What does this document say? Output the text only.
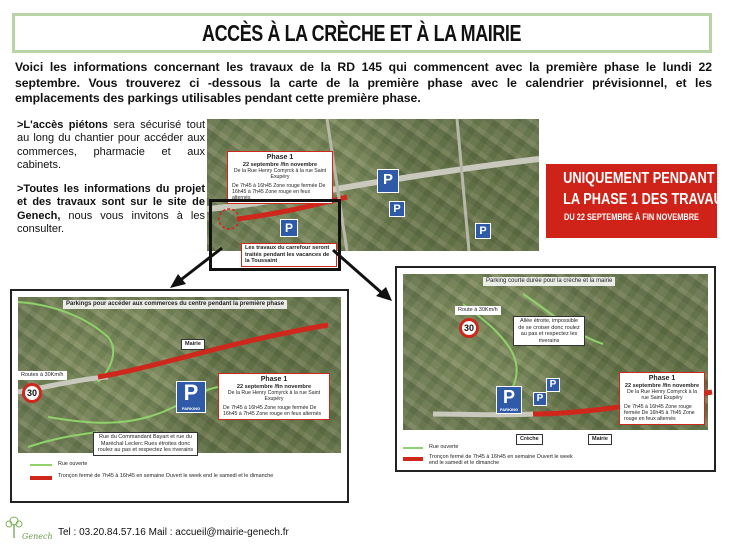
ACCÈS À LA CRÈCHE ET À LA MAIRIE

Voici les informations concernant les travaux de la RD 145 qui commencent avec la première phase le lundi 22 septembre. Vous trouverez ci -dessous la carte de la première phase avec le calendrier prévisionnel, et les emplacements des parkings utilisables pendant cette première phase.

>L'accès piétons sera sécurisé tout au long du chantier pour accéder aux commerces, pharmacie et aux cabinets.

>Toutes les informations du projet et des travaux sont sur le site de Genech, nous vous invitons à les consulter.

Phase 1
22 septembre /fin novembre
De la Rue Henry Comyrck à la rue Saint Exupéry
De 7h45 à 16h45 Zone rouge fermée De 16h45 à 7h45 Zone rouge en feux alternés
P
P
P	P
Les travaux du carrefour seront traités pendant les vacances de la Toussaint
UNIQUEMENT PENDANT
LA PHASE 1 DES TRAVAUX
DU 22 SEPTEMBRE À FIN NOVEMBRE
Parkings pour accéder aux commerces du centre pendant la première phase
Mairie
Routes à 30Km/h
30	P
PARKING
Phase 1
22 septembre /fin novembre
De la Rue Henry Comyrck à la rue Saint Exupéry
De 7h45 à 16h45 Zone rouge fermée De 16h45 à 7h45 Zone rouge en feux alternés
Rue du Commandant Bayart et rue du Maréchal Leclerc Rues étroites donc roulez au pas et respectez les riverains
Rue ouverte
Tronçon fermé de 7h45 à 16h45 en semaine Ouvert le week end le samedi et le dimanche
Parking courte durée pour la crèche et la mairie
Route à 30Km/h
30
Allée étroite, impossible de se croiser donc roulez au pas et respectez les riverains
P
PARKING
P
P
Crèche	Mairie
Phase 1
22 septembre /fin novembre
De la Rue Henry Comyrck à la rue Saint Exupéry
De 7h45 à 16h45 Zone rouge fermée De 16h45 à 7h45 Zone rouge en feux alternés
Rue ouverte
Tronçon fermé de 7h45 à 16h45 en semaine Ouvert le week end le samedi et le dimanche
Genech Tel : 03.20.84.57.16 Mail : accueil@mairie-genech.fr
